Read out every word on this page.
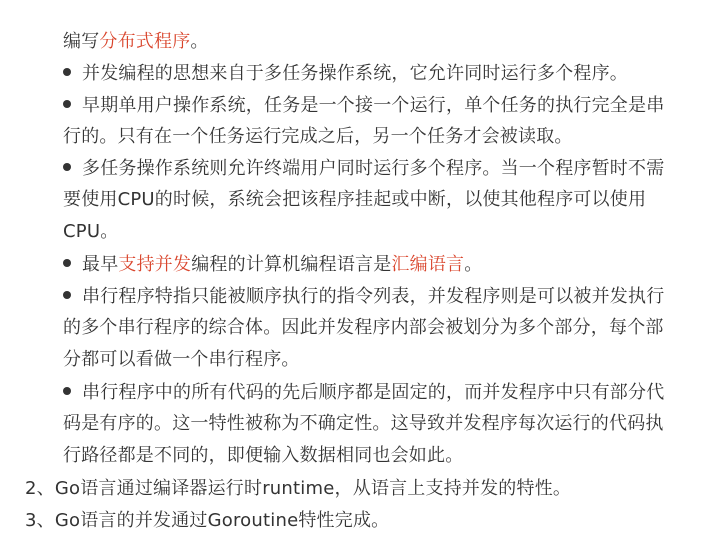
编写分布式程序。
并发编程的思想来自于多任务操作系统，它允许同时运行多个程序。
早期单用户操作系统，任务是一个接一个运行，单个任务的执行完全是串
行的。只有在一个任务运行完成之后，另一个任务才会被读取。
多任务操作系统则允许终端用户同时运行多个程序。当一个程序暂时不需
要使用CPU的时候，系统会把该程序挂起或中断，以使其他程序可以使用
CPU。
最早支持并发编程的计算机编程语言是汇编语言。
串行程序特指只能被顺序执行的指令列表，并发程序则是可以被并发执行
的多个串行程序的综合体。因此并发程序内部会被划分为多个部分，每个部
分都可以看做一个串行程序。
串行程序中的所有代码的先后顺序都是固定的，而并发程序中只有部分代
码是有序的。这一特性被称为不确定性。这导致并发程序每次运行的代码执
行路径都是不同的，即便输入数据相同也会如此。
2、Go语言通过编译器运行时runtime，从语言上支持并发的特性。
3、Go语言的并发通过Goroutine特性完成。
